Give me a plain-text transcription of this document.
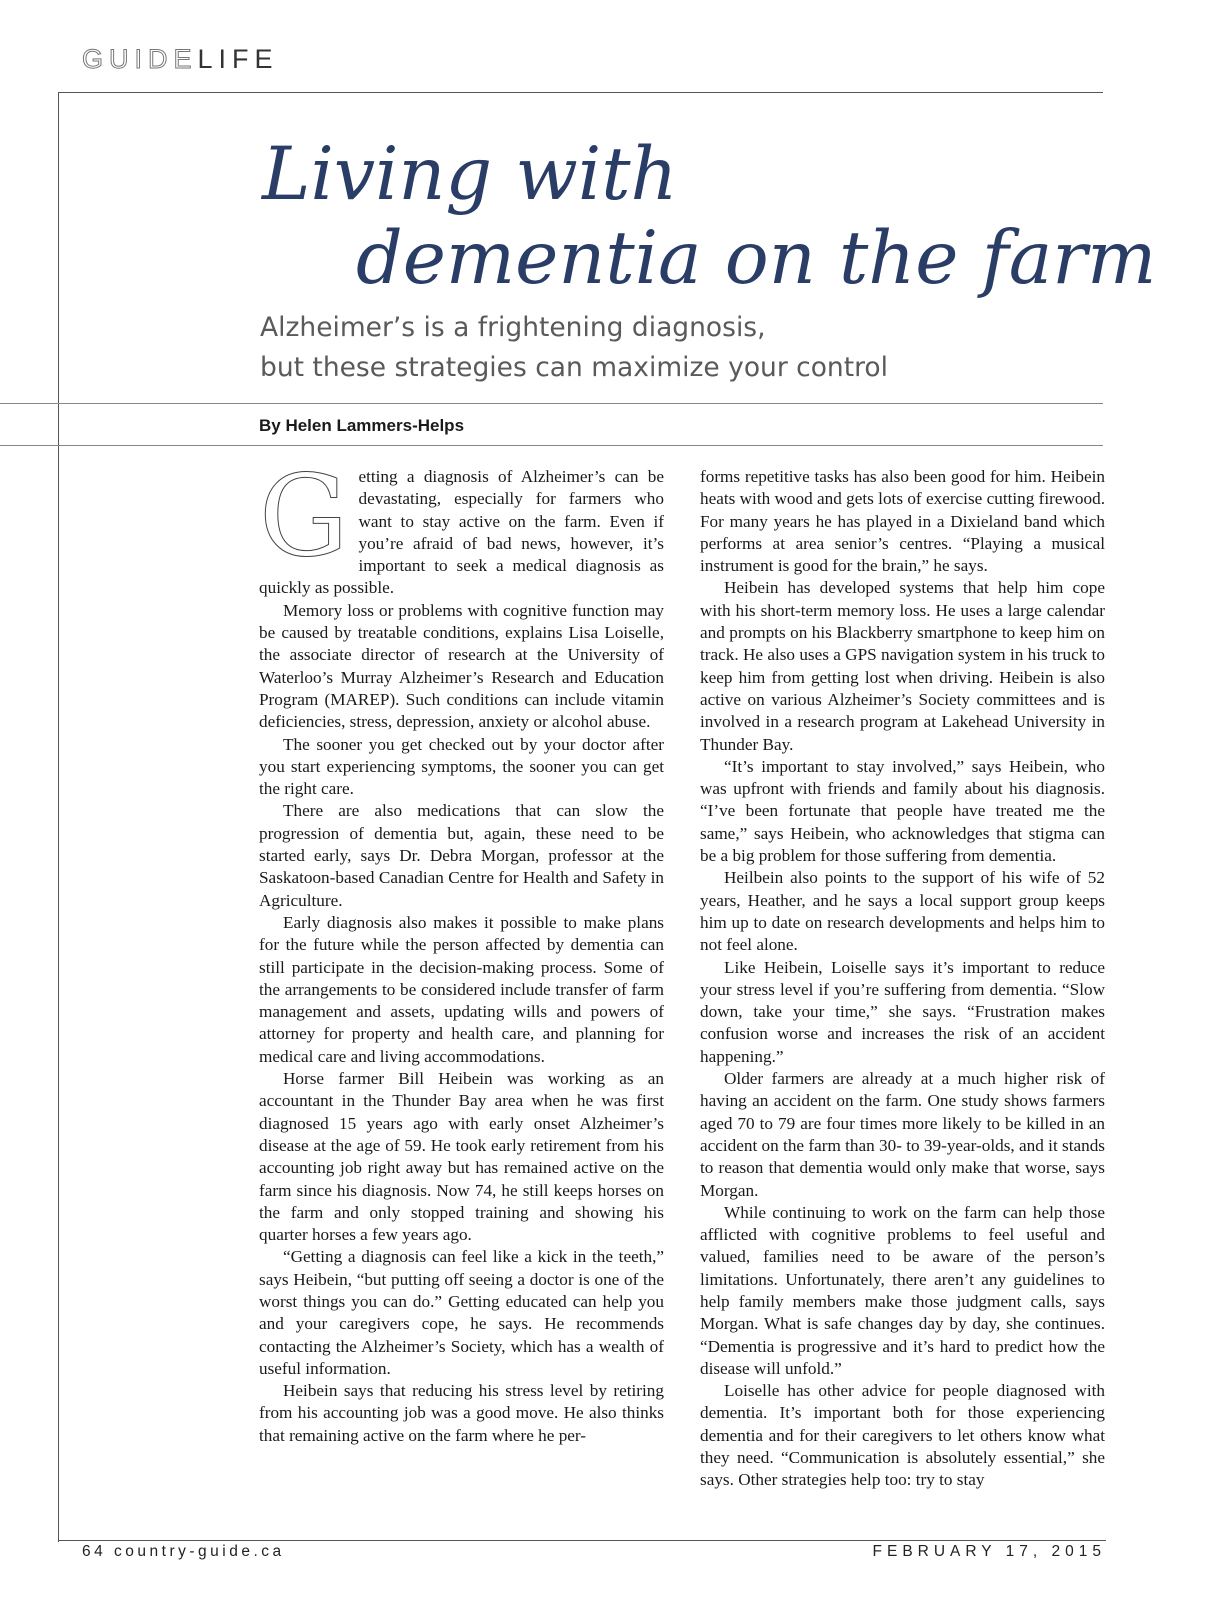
GUIDELIFE
Living with
dementia on the farm
Alzheimer’s is a frightening diagnosis,
but these strategies can maximize your control
By Helen Lammers-Helps

Getting a diagnosis of Alzheimer’s can be devastating, especially for farmers who want to stay active on the farm. Even if you’re afraid of bad news, however, it’s important to seek a medical diagnosis as quickly as possible.

Memory loss or problems with cognitive function may be caused by treatable conditions, explains Lisa Loiselle, the associate director of research at the University of Waterloo’s Murray Alzheimer’s Research and Education Program (MAREP). Such conditions can include vitamin deficiencies, stress, depression, anxiety or alcohol abuse.

The sooner you get checked out by your doctor after you start experiencing symptoms, the sooner you can get the right care.

There are also medications that can slow the progression of dementia but, again, these need to be started early, says Dr. Debra Morgan, professor at the Saskatoon-based Canadian Centre for Health and Safety in Agriculture.

Early diagnosis also makes it possible to make plans for the future while the person affected by dementia can still participate in the decision-making process. Some of the arrangements to be considered include transfer of farm management and assets, updating wills and powers of attorney for property and health care, and planning for medical care and living accommodations.

Horse farmer Bill Heibein was working as an accountant in the Thunder Bay area when he was first diagnosed 15 years ago with early onset Alzheimer’s disease at the age of 59. He took early retirement from his accounting job right away but has remained active on the farm since his diagnosis. Now 74, he still keeps horses on the farm and only stopped training and showing his quarter horses a few years ago.

“Getting a diagnosis can feel like a kick in the teeth,” says Heibein, “but putting off seeing a doctor is one of the worst things you can do.” Getting educated can help you and your caregivers cope, he says. He recommends contacting the Alzheimer’s Society, which has a wealth of useful information.

Heibein says that reducing his stress level by retiring from his accounting job was a good move. He also thinks that remaining active on the farm where he per-

forms repetitive tasks has also been good for him. Heibein heats with wood and gets lots of exercise cutting firewood. For many years he has played in a Dixieland band which performs at area senior’s centres. “Playing a musical instrument is good for the brain,” he says.

Heibein has developed systems that help him cope with his short-term memory loss. He uses a large calendar and prompts on his Blackberry smartphone to keep him on track. He also uses a GPS navigation system in his truck to keep him from getting lost when driving. Heibein is also active on various Alzheimer’s Society committees and is involved in a research program at Lakehead University in Thunder Bay.

“It’s important to stay involved,” says Heibein, who was upfront with friends and family about his diagnosis. “I’ve been fortunate that people have treated me the same,” says Heibein, who acknowledges that stigma can be a big problem for those suffering from dementia.

Heilbein also points to the support of his wife of 52 years, Heather, and he says a local support group keeps him up to date on research developments and helps him to not feel alone.

Like Heibein, Loiselle says it’s important to reduce your stress level if you’re suffering from dementia. “Slow down, take your time,” she says. “Frustration makes confusion worse and increases the risk of an accident happening.”

Older farmers are already at a much higher risk of having an accident on the farm. One study shows farmers aged 70 to 79 are four times more likely to be killed in an accident on the farm than 30- to 39-year-olds, and it stands to reason that dementia would only make that worse, says Morgan.

While continuing to work on the farm can help those afflicted with cognitive problems to feel useful and valued, families need to be aware of the person’s limitations. Unfortunately, there aren’t any guidelines to help family members make those judgment calls, says Morgan. What is safe changes day by day, she continues. “Dementia is progressive and it’s hard to predict how the disease will unfold.”

Loiselle has other advice for people diagnosed with dementia. It’s important both for those experiencing dementia and for their caregivers to let others know what they need. “Communication is absolutely essential,” she says. Other strategies help too: try to stay

64 country-guide.ca	FEBRUARY 17, 2015
